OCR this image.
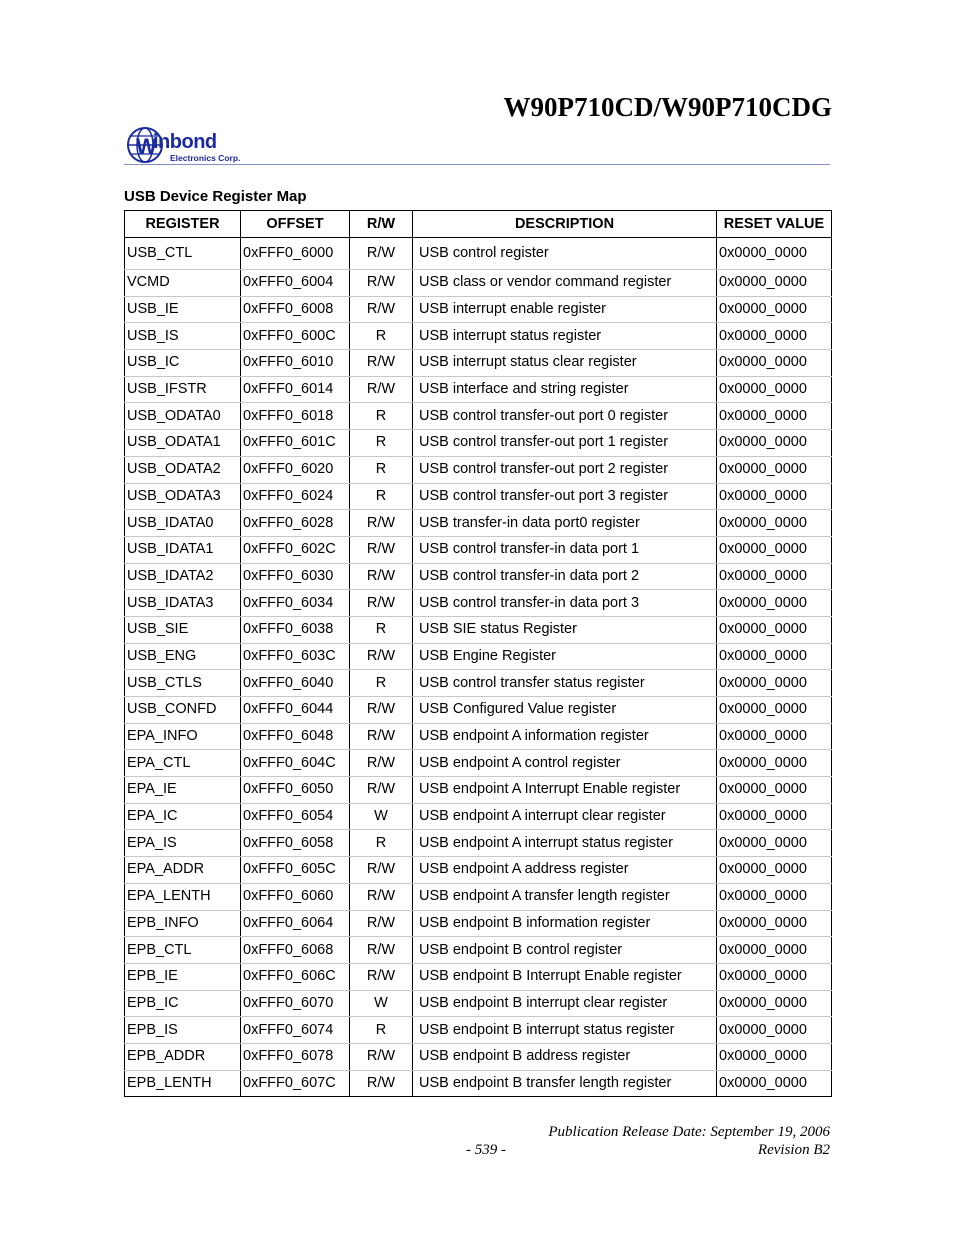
W90P710CD/W90P710CDG
W
inbond
Electronics Corp.
USB Device Register Map
REGISTER	OFFSET	R/W	DESCRIPTION	RESET VALUE
USB_CTL	0xFFF0_6000	R/W	USB control register	0x0000_0000
VCMD	0xFFF0_6004	R/W	USB class or vendor command register	0x0000_0000
USB_IE	0xFFF0_6008	R/W	USB interrupt enable register	0x0000_0000
USB_IS	0xFFF0_600C	R	USB interrupt status register	0x0000_0000
USB_IC	0xFFF0_6010	R/W	USB interrupt status clear register	0x0000_0000
USB_IFSTR	0xFFF0_6014	R/W	USB interface and string register	0x0000_0000
USB_ODATA0	0xFFF0_6018	R	USB control transfer-out port 0 register	0x0000_0000
USB_ODATA1	0xFFF0_601C	R	USB control transfer-out port 1 register	0x0000_0000
USB_ODATA2	0xFFF0_6020	R	USB control transfer-out port 2 register	0x0000_0000
USB_ODATA3	0xFFF0_6024	R	USB control transfer-out port 3 register	0x0000_0000
USB_IDATA0	0xFFF0_6028	R/W	USB transfer-in data port0 register	0x0000_0000
USB_IDATA1	0xFFF0_602C	R/W	USB control transfer-in data port 1	0x0000_0000
USB_IDATA2	0xFFF0_6030	R/W	USB control transfer-in data port 2	0x0000_0000
USB_IDATA3	0xFFF0_6034	R/W	USB control transfer-in data port 3	0x0000_0000
USB_SIE	0xFFF0_6038	R	USB SIE status Register	0x0000_0000
USB_ENG	0xFFF0_603C	R/W	USB Engine Register	0x0000_0000
USB_CTLS	0xFFF0_6040	R	USB control transfer status register	0x0000_0000
USB_CONFD	0xFFF0_6044	R/W	USB Configured Value register	0x0000_0000
EPA_INFO	0xFFF0_6048	R/W	USB endpoint A information register	0x0000_0000
EPA_CTL	0xFFF0_604C	R/W	USB endpoint A control register	0x0000_0000
EPA_IE	0xFFF0_6050	R/W	USB endpoint A Interrupt Enable register	0x0000_0000
EPA_IC	0xFFF0_6054	W	USB endpoint A interrupt clear register	0x0000_0000
EPA_IS	0xFFF0_6058	R	USB endpoint A interrupt status register	0x0000_0000
EPA_ADDR	0xFFF0_605C	R/W	USB endpoint A address register	0x0000_0000
EPA_LENTH	0xFFF0_6060	R/W	USB endpoint A transfer length register	0x0000_0000
EPB_INFO	0xFFF0_6064	R/W	USB endpoint B information register	0x0000_0000
EPB_CTL	0xFFF0_6068	R/W	USB endpoint B control register	0x0000_0000
EPB_IE	0xFFF0_606C	R/W	USB endpoint B Interrupt Enable register	0x0000_0000
EPB_IC	0xFFF0_6070	W	USB endpoint B interrupt clear register	0x0000_0000
EPB_IS	0xFFF0_6074	R	USB endpoint B interrupt status register	0x0000_0000
EPB_ADDR	0xFFF0_6078	R/W	USB endpoint B address register	0x0000_0000
EPB_LENTH	0xFFF0_607C	R/W	USB endpoint B transfer length register	0x0000_0000
Publication Release Date: September 19, 2006
- 539 -	Revision B2
